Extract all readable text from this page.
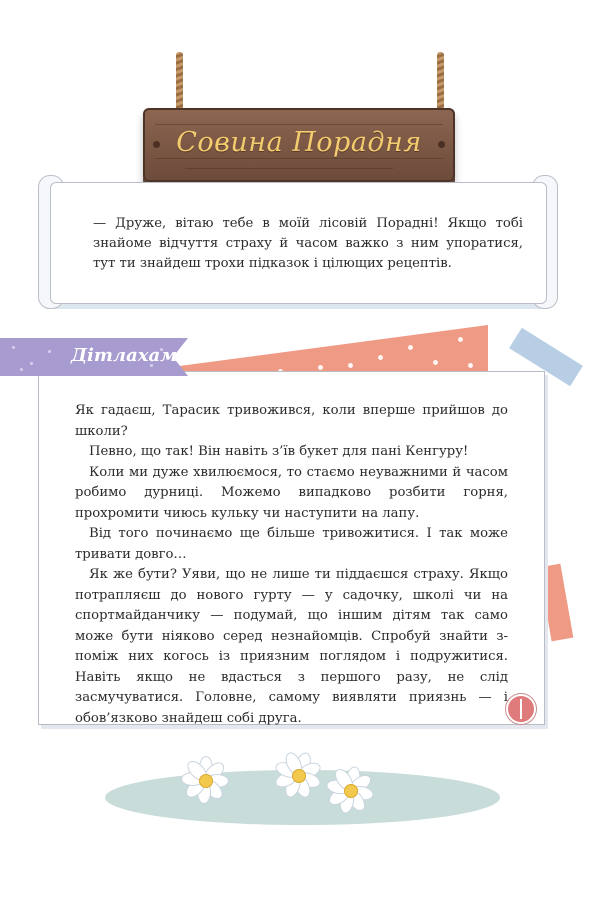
Совина Порадня

— Друже, вітаю тебе в моїй лісовій Порадні! Якщо тобі знайоме відчуття страху й часом важко з ним упоратися, тут ти знайдеш трохи підказок і цілющих рецептів.

Дітлахам

Як гадаєш, Тарасик тривожився, коли вперше прийшов до школи?

Певно, що так! Він навіть з’їв букет для пані Кенгуру!

Коли ми дуже хвилюємося, то стаємо неуважними й часом робимо дурниці. Можемо випадково розбити горня, прохромити чиюсь кульку чи наступити на лапу.

Від того починаємо ще більше тривожитися. І так може тривати довго…

Як же бути? Уяви, що не лише ти піддаєшся страху. Якщо потрапляєш до нового гурту — у садочку, школі чи на спортмайданчику — подумай, що іншим дітям так само може бути ніяково серед незнайомців. Спробуй знайти з-поміж них когось із приязним поглядом і подружитися. Навіть якщо не вдасться з першого разу, не слід засмучуватися. Головне, самому виявляти приязнь — і обов’язково знайдеш собі друга.
